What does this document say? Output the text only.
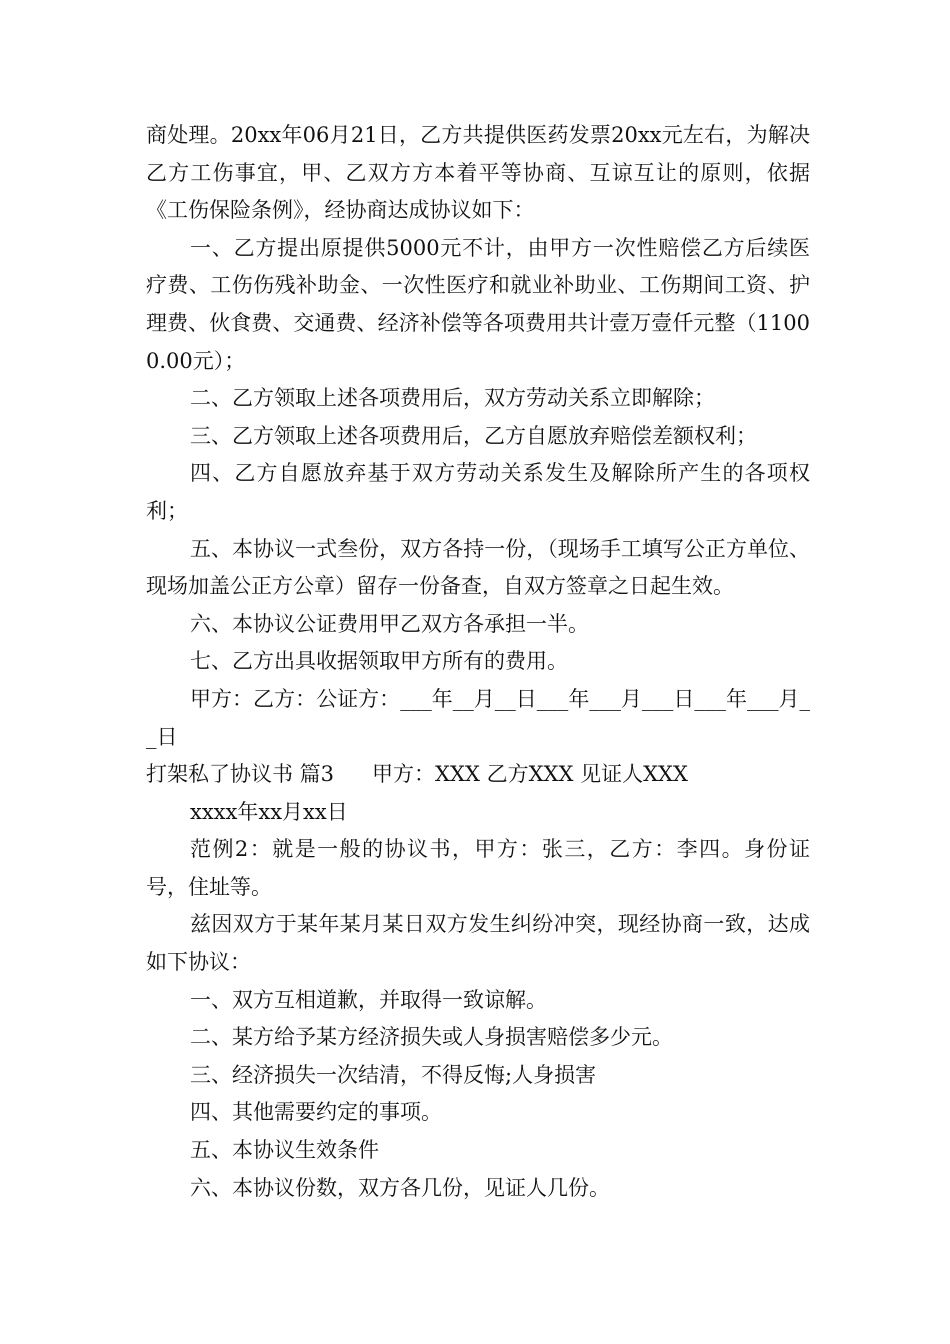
商处理。20xx年06月21日，乙方共提供医药发票20xx元左右，为解决乙方工伤事宜，甲、乙双方方本着平等协商、互谅互让的原则，依据《工伤保险条例》，经协商达成协议如下：

一、乙方提出原提供5000元不计，由甲方一次性赔偿乙方后续医疗费、工伤伤残补助金、一次性医疗和就业补助业、工伤期间工资、护理费、伙食费、交通费、经济补偿等各项费用共计壹万壹仟元整（11000.00元）；

二、乙方领取上述各项费用后，双方劳动关系立即解除；

三、乙方领取上述各项费用后，乙方自愿放弃赔偿差额权利；

四、乙方自愿放弃基于双方劳动关系发生及解除所产生的各项权利；

五、本协议一式叁份，双方各持一份，（现场手工填写公正方单位、现场加盖公正方公章）留存一份备查，自双方签章之日起生效。

六、本协议公证费用甲乙双方各承担一半。

七、乙方出具收据领取甲方所有的费用。

甲方：乙方：公证方：___年__月__日___年___月___日___年___月__日

打架私了协议书 篇3 甲方：XXX 乙方XXX 见证人XXX

xxxx年xx月xx日

范例2：就是一般的协议书，甲方：张三，乙方：李四。身份证号，住址等。

兹因双方于某年某月某日双方发生纠纷冲突，现经协商一致，达成如下协议：

一、双方互相道歉，并取得一致谅解。

二、某方给予某方经济损失或人身损害赔偿多少元。

三、经济损失一次结清，不得反悔;人身损害

四、其他需要约定的事项。

五、本协议生效条件

六、本协议份数，双方各几份，见证人几份。
